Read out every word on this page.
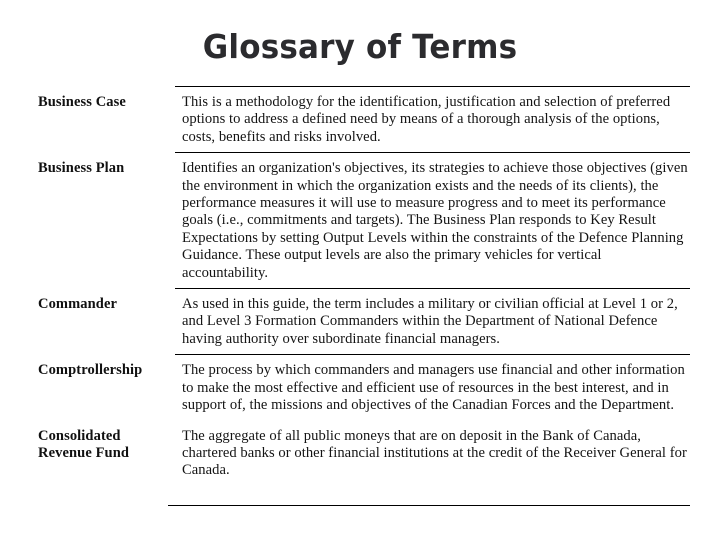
Glossary of Terms
Business Case		This is a methodology for the identification, justification and selection of preferred options to address a defined need by means of a thorough analysis of the options, costs, benefits and risks involved.

Business Plan		Identifies an organization's objectives, its strategies to achieve those objectives (given the environment in which the organization exists and the needs of its clients), the performance measures it will use to measure progress and to meet its performance goals (i.e., commitments and targets). The Business Plan responds to Key Result Expectations by setting Output Levels within the constraints of the Defence Planning Guidance. These output levels are also the primary vehicles for vertical accountability.

Commander		As used in this guide, the term includes a military or civilian official at Level 1 or 2, and Level 3 Formation Commanders within the Department of National Defence having authority over subordinate financial managers.

Comptrollership		The process by which commanders and managers use financial and other information to make the most effective and efficient use of resources in the best interest, and in support of, the missions and objectives of the Canadian Forces and the Department.

Consolidated Revenue Fund		The aggregate of all public moneys that are on deposit in the Bank of Canada, chartered banks or other financial institutions at the credit of the Receiver General for Canada.
